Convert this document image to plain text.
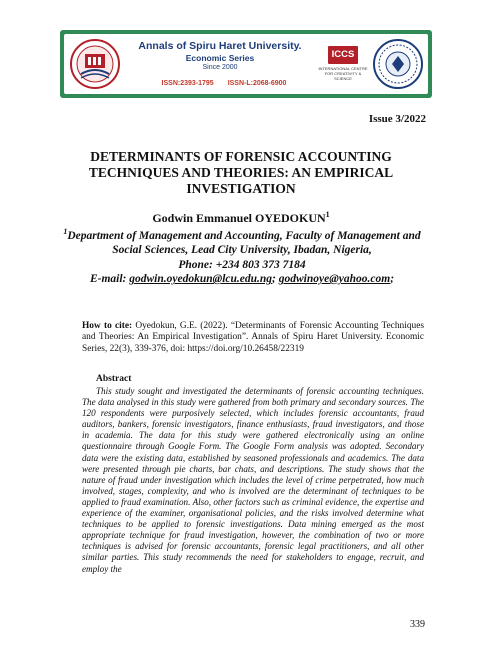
Annals of Spiru Haret University.
Economic Series
Since 2000
ISSN:2393-1795 ISSN-L:2068-6900
ICCS
INTERNATIONAL CENTRE FOR CREATIVITY & SCIENCE
Issue 3/2022
DETERMINANTS OF FORENSIC ACCOUNTING TECHNIQUES AND THEORIES: AN EMPIRICAL INVESTIGATION
Godwin Emmanuel OYEDOKUN$^1$
$^1$Department of Management and Accounting, Faculty of Management and Social Sciences, Lead City University, Ibadan, Nigeria,
Phone: +234 803 373 7184
E-mail: godwin.oyedokun@lcu.edu.ng; godwinoye@yahoo.com;
How to cite: Oyedokun, G.E. (2022). “Determinants of Forensic Accounting Techniques and Theories: An Empirical Investigation”. Annals of Spiru Haret University. Economic Series, 22(3), 339-376, doi: https://doi.org/10.26458/22319
Abstract
This study sought and investigated the determinants of forensic accounting techniques. The data analysed in this study were gathered from both primary and secondary sources. The 120 respondents were purposively selected, which includes forensic accountants, fraud auditors, bankers, forensic investigators, finance enthusiasts, fraud investigators, and those in academia. The data for this study were gathered electronically using an online questionnaire through Google Form. The Google Form analysis was adopted. Secondary data were the existing data, established by seasoned professionals and academics. The data were presented through pie charts, bar chats, and descriptions. The study shows that the nature of fraud under investigation which includes the level of crime perpetrated, how much involved, stages, complexity, and who is involved are the determinant of techniques to be applied to fraud examination. Also, other factors such as criminal evidence, the expertise and experience of the examiner, organisational policies, and the risks involved determine what techniques to be applied to forensic investigations. Data mining emerged as the most appropriate technique for fraud investigation, however, the combination of two or more techniques is advised for forensic accountants, forensic legal practitioners, and all other similar parties. This study recommends the need for stakeholders to engage, recruit, and employ the
339
